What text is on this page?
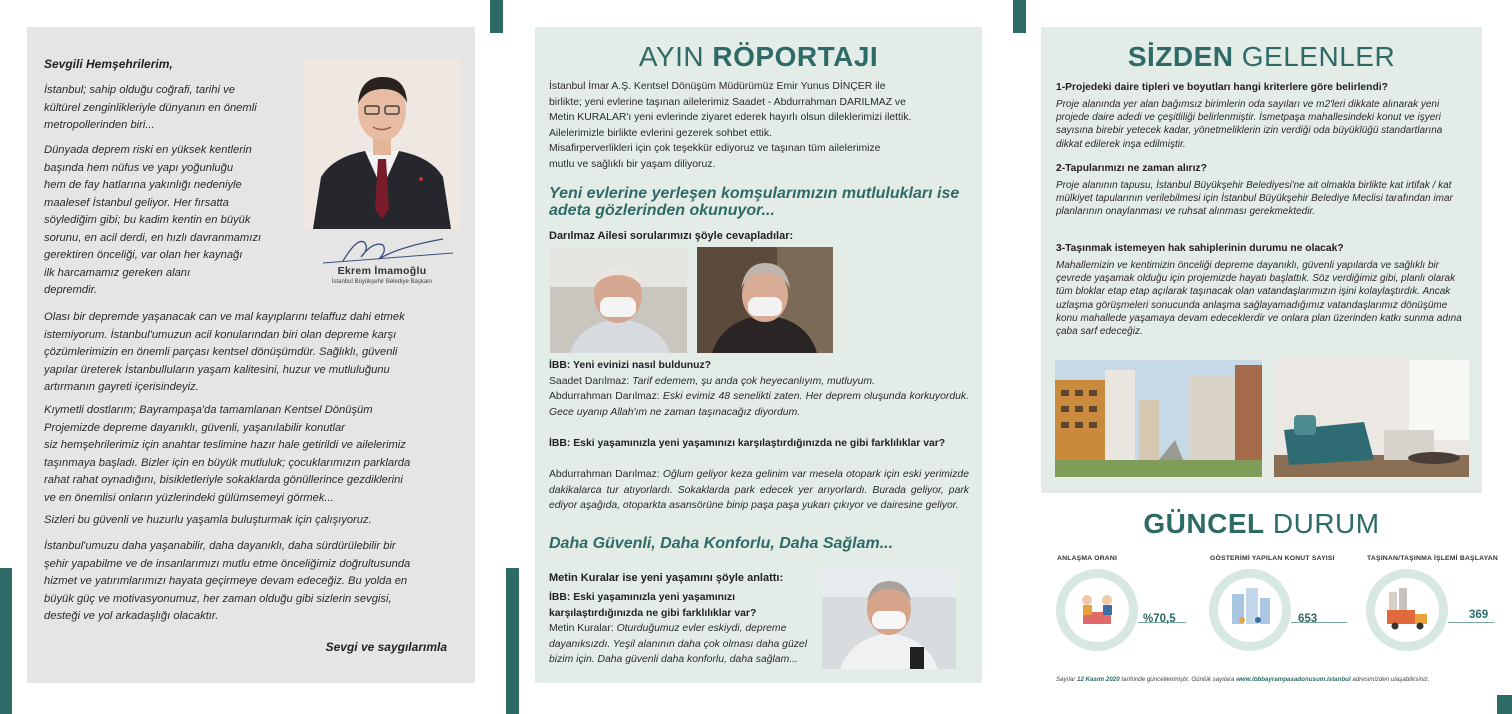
Sevgili Hemşehrilerim,
İstanbul; sahip olduğu coğrafi, tarihi ve
kültürel zenginlikleriyle dünyanın en önemli
metropollerinden biri...
Dünyada deprem riski en yüksek kentlerin
başında hem nüfus ve yapı yoğunluğu
hem de fay hatlarına yakınlığı nedeniyle
maalesef İstanbul geliyor. Her fırsatta
söylediğim gibi; bu kadim kentin en büyük
sorunu, en acil derdi, en hızlı davranmamızı
gerektiren önceliği, var olan her kaynağı
ilk harcamamız gereken alanı
depremdir.
Ekrem İmamoğlu
İstanbul Büyükşehir Belediye Başkanı
Olası bir depremde yaşanacak can ve mal kayıplarını telaffuz dahi etmek
istemiyorum. İstanbul'umuzun acil konularından biri olan depreme karşı
çözümlerimizin en önemli parçası kentsel dönüşümdür. Sağlıklı, güvenli
yapılar üreterek İstanbulluların yaşam kalitesini, huzur ve mutluluğunu
artırmanın gayreti içerisindeyiz.
Kıymetli dostlarım; Bayrampaşa'da tamamlanan Kentsel Dönüşüm
Projemizde depreme dayanıklı, güvenli, yaşanılabilir konutlar
siz hemşehrilerimiz için anahtar teslimine hazır hale getirildi ve ailelerimiz
taşınmaya başladı. Bizler için en büyük mutluluk; çocuklarımızın parklarda
rahat rahat oynadığını, bisikletleriyle sokaklarda gönüllerince gezdiklerini
ve en önemlisi onların yüzlerindeki gülümsemeyi görmek...
Sizleri bu güvenli ve huzurlu yaşamla buluşturmak için çalışıyoruz.
İstanbul'umuzu daha yaşanabilir, daha dayanıklı, daha sürdürülebilir bir
şehir yapabilme ve de insanlarımızı mutlu etme önceliğimiz doğrultusunda
hizmet ve yatırımlarımızı hayata geçirmeye devam edeceğiz. Bu yolda en
büyük güç ve motivasyonumuz, her zaman olduğu gibi sizlerin sevgisi,
desteği ve yol arkadaşlığı olacaktır.
Sevgi ve saygılarımla
AYIN RÖPORTAJI
İstanbul İmar A.Ş. Kentsel Dönüşüm Müdürümüz Emir Yunus DİNÇER ile
birlikte; yeni evlerine taşınan ailelerimiz Saadet - Abdurrahman DARILMAZ ve
Metin KURALAR'ı yeni evlerinde ziyaret ederek hayırlı olsun dileklerimizi ilettik.
Ailelerimizle birlikte evlerini gezerek sohbet ettik.
Misafirperverlikleri için çok teşekkür ediyoruz ve taşınan tüm ailelerimize
mutlu ve sağlıklı bir yaşam diliyoruz.
Yeni evlerine yerleşen komşularımızın mutlulukları ise adeta gözlerinden okunuyor...
Darılmaz Ailesi sorularımızı şöyle cevapladılar:
İBB: Yeni evinizi nasıl buldunuz?
Saadet Darılmaz: Tarif edemem, şu anda çok heyecanlıyım, mutluyum.
Abdurrahman Darılmaz: Eski evimiz 48 senelikti zaten. Her deprem oluşunda korkuyorduk. Gece uyanıp Allah'ım ne zaman taşınacağız diyordum.
İBB: Eski yaşamınızla yeni yaşamınızı karşılaştırdığınızda ne gibi farklılıklar var?
Abdurrahman Darılmaz: Oğlum geliyor keza gelinim var mesela otopark için eski yerimizde dakikalarca tur atıyorlardı. Sokaklarda park edecek yer arıyorlardı. Burada geliyor, park ediyor aşağıda, otoparkta asansörüne binip paşa paşa yukarı çıkıyor ve dairesine geliyor.
Daha Güvenli, Daha Konforlu, Daha Sağlam...
Metin Kuralar ise yeni yaşamını şöyle anlattı:
İBB: Eski yaşamınızla yeni yaşamınızı karşılaştırdığınızda ne gibi farklılıklar var?
Metin Kuralar: Oturduğumuz evler eskiydi, depreme dayanıksızdı. Yeşil alanının daha çok olması daha güzel bizim için. Daha güvenli daha konforlu, daha sağlam...
SİZDEN GELENLER
1-Projedeki daire tipleri ve boyutları hangi kriterlere göre belirlendi?
Proje alanında yer alan bağımsız birimlerin oda sayıları ve m2'leri dikkate alınarak yeni projede daire adedi ve çeşitliliği belirlenmiştir. İsmetpaşa mahallesindeki konut ve işyeri sayısına birebir yetecek kadar, yönetmeliklerin izin verdiği oda büyüklüğü standartlarına dikkat edilerek inşa edilmiştir.
2-Tapularımızı ne zaman alırız?
Proje alanının tapusu, İstanbul Büyükşehir Belediyesi'ne ait olmakla birlikte kat irtifak / kat mülkiyet tapularının verilebilmesi için İstanbul Büyükşehir Belediye Meclisi tarafından imar planlarının onaylanması ve ruhsat alınması gerekmektedir.
3-Taşınmak istemeyen hak sahiplerinin durumu ne olacak?
Mahallemizin ve kentimizin önceliği depreme dayanıklı, güvenli yapılarda ve sağlıklı bir çevrede yaşamak olduğu için projemizde hayatı başlattık. Söz verdiğimiz gibi, planlı olarak tüm bloklar etap etap açılarak taşınacak olan vatandaşlarımızın işini kolaylaştırdık. Ancak uzlaşma görüşmeleri sonucunda anlaşma sağlayamadığımız vatandaşlarımız dönüşüme konu mahallede yaşamaya devam edeceklerdir ve onlara plan üzerinden katkı sunma adına çaba sarf edeceğiz.
GÜNCEL DURUM
ANLAŞMA ORANI
%70,5
GÖSTERİMİ YAPILAN KONUT SAYISI
653
TAŞINAN/TAŞINMA İŞLEMİ BAŞLAYAN
369
Sayılar 12 Kasım 2020 tarihinde güncellenmiştir. Günlük sayılara www.ibbbayrampasadonusum.istanbul adresimizden ulaşabilirsiniz.
